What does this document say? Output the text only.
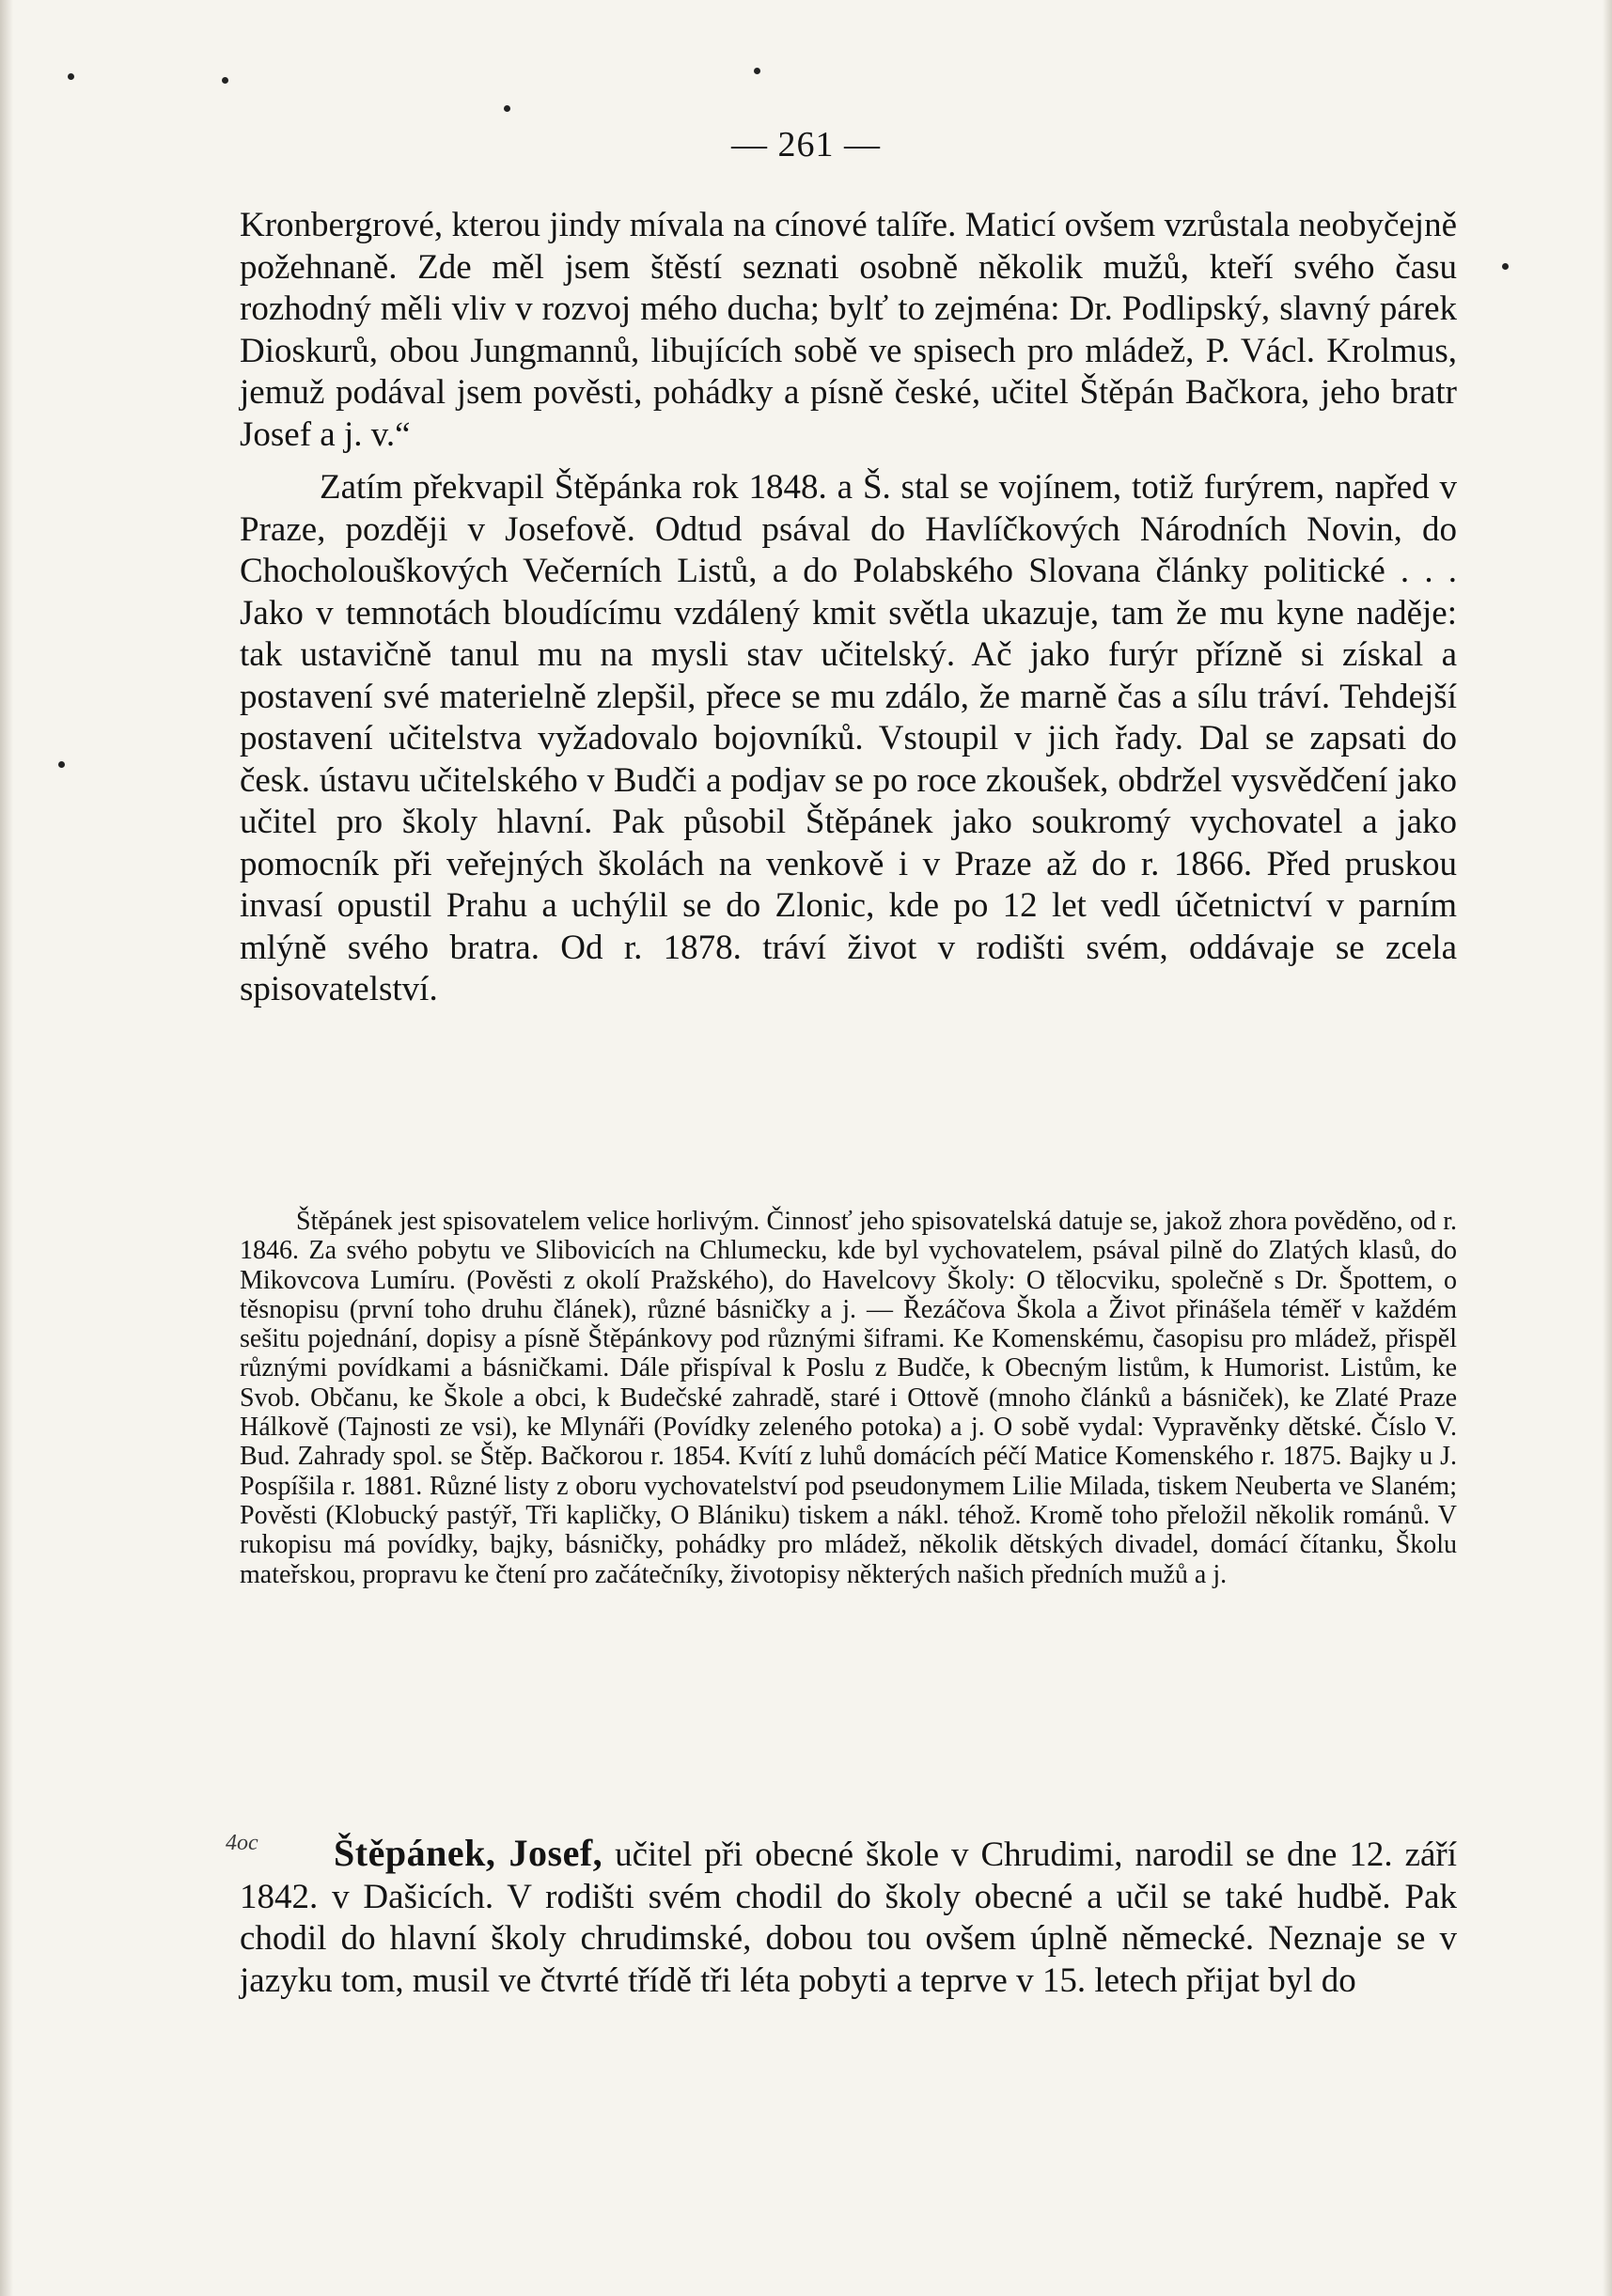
— 261 —

Kronbergrové, kterou jindy mívala na cínové talíře. Maticí ovšem vzrůstala neobyčejně požehnaně. Zde měl jsem štěstí seznati osobně několik mužů, kteří svého času rozhodný měli vliv v rozvoj mého ducha; bylť to zejména: Dr. Podlipský, slavný párek Dioskurů, obou Jungmannů, libujících sobě ve spisech pro mládež, P. Václ. Krolmus, jemuž podával jsem pověsti, pohádky a písně české, učitel Štěpán Bačkora, jeho bratr Josef a j. v.“

Zatím překvapil Štěpánka rok 1848. a Š. stal se vojínem, totiž furýrem, napřed v Praze, později v Josefově. Odtud psával do Havlíčkových Národních Novin, do Chocholouškových Večerních Listů, a do Polabského Slovana články politické . . . Jako v temnotách bloudícímu vzdálený kmit světla ukazuje, tam že mu kyne naděje: tak ustavičně tanul mu na mysli stav učitelský. Ač jako furýr přízně si získal a postavení své materielně zlepšil, přece se mu zdálo, že marně čas a sílu tráví. Tehdejší postavení učitelstva vyžadovalo bojovníků. Vstoupil v jich řady. Dal se zapsati do česk. ústavu učitelského v Budči a podjav se po roce zkoušek, obdržel vysvědčení jako učitel pro školy hlavní. Pak působil Štěpánek jako soukromý vychovatel a jako pomocník při veřejných školách na venkově i v Praze až do r. 1866. Před pruskou invasí opustil Prahu a uchýlil se do Zlonic, kde po 12 let vedl účetnictví v parním mlýně svého bratra. Od r. 1878. tráví život v rodišti svém, oddávaje se zcela spisovatelství.

Štěpánek jest spisovatelem velice horlivým. Činnosť jeho spisovatelská datuje se, jakož zhora pověděno, od r. 1846. Za svého pobytu ve Slibovicích na Chlumecku, kde byl vychovatelem, psával pilně do Zlatých klasů, do Mikovcova Lumíru. (Pověsti z okolí Pražského), do Havelcovy Školy: O tělocviku, společně s Dr. Špottem, o těsnopisu (první toho druhu článek), různé básničky a j. — Řezáčova Škola a Život přinášela téměř v každém sešitu pojednání, dopisy a písně Štěpánkovy pod různými šiframi. Ke Komenskému, časopisu pro mládež, přispěl různými povídkami a básničkami. Dále přispíval k Poslu z Budče, k Obecným listům, k Humorist. Listům, ke Svob. Občanu, ke Škole a obci, k Budečské zahradě, staré i Ottově (mnoho článků a básniček), ke Zlaté Praze Hálkově (Tajnosti ze vsi), ke Mlynáři (Povídky zeleného potoka) a j. O sobě vydal: Vypravěnky dětské. Číslo V. Bud. Zahrady spol. se Štěp. Bačkorou r. 1854. Kvítí z luhů domácích péčí Matice Komenského r. 1875. Bajky u J. Pospíšila r. 1881. Různé listy z oboru vychovatelství pod pseudonymem Lilie Milada, tiskem Neuberta ve Slaném; Pověsti (Klobucký pastýř, Tři kapličky, O Blániku) tiskem a nákl. téhož. Kromě toho přeložil několik románů. V rukopisu má povídky, bajky, básničky, pohádky pro mládež, několik dětských divadel, domácí čítanku, Školu mateřskou, propravu ke čtení pro začátečníky, životopisy některých našich předních mužů a j.

4oc	Štěpánek, Josef, učitel při obecné škole v Chrudimi, narodil se dne 12. září 1842. v Dašicích. V rodišti svém chodil do školy obecné a učil se také hudbě. Pak chodil do hlavní školy chrudimské, dobou tou ovšem úplně německé. Neznaje se v jazyku tom, musil ve čtvrté třídě tři léta pobyti a teprve v 15. letech přijat byl do
